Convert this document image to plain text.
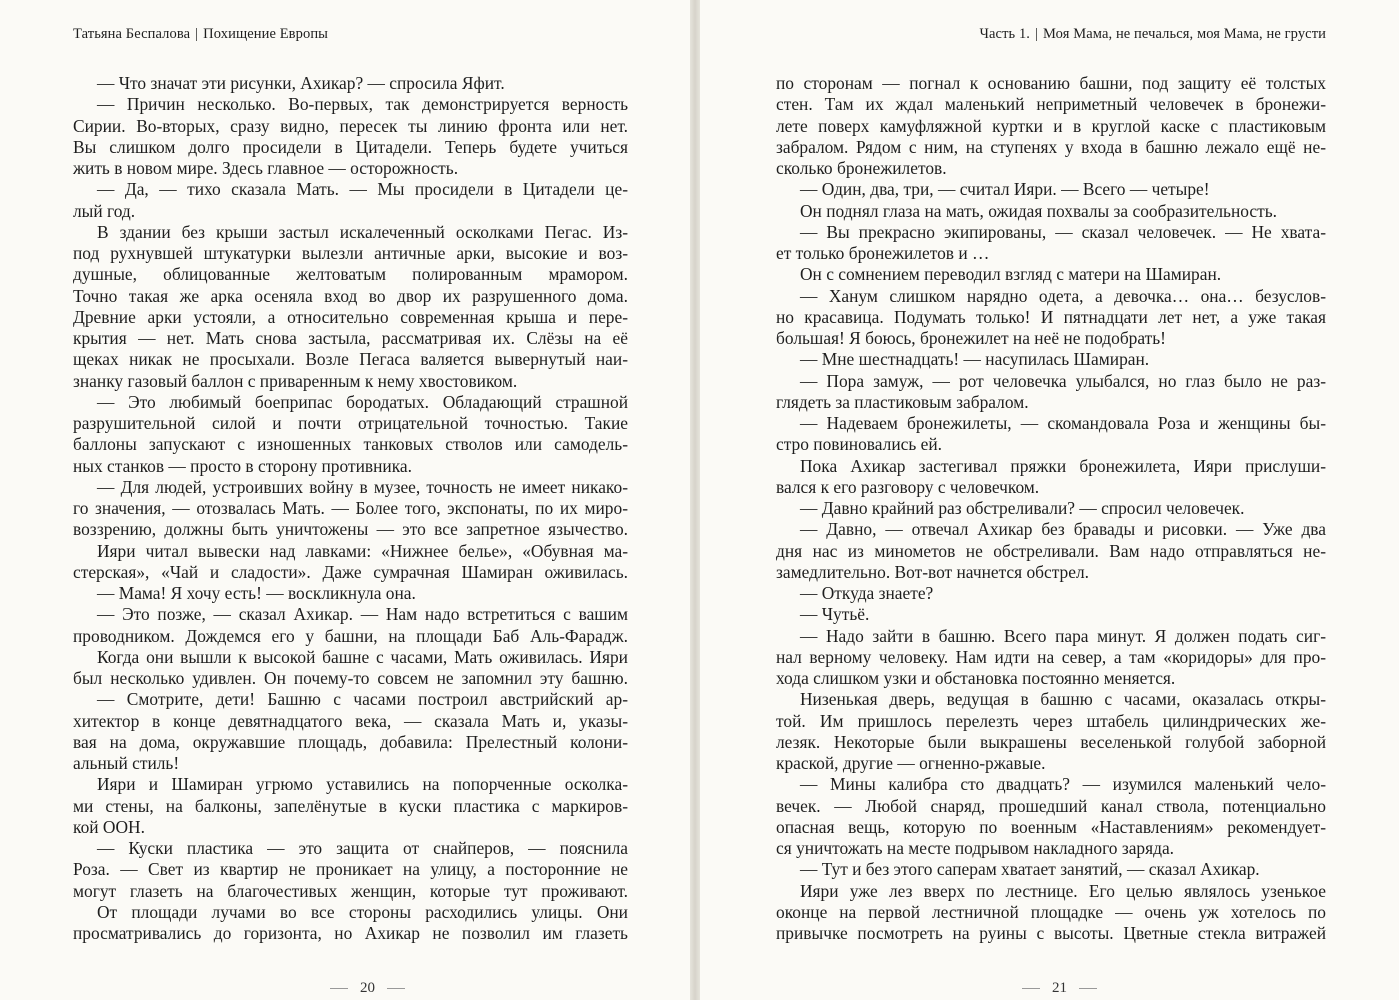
Татьяна Беспалова | Похищение Европы
— Что значат эти рисунки, Ахикар? — спросила Яфит.
— Причин несколько. Во-первых, так демонстрируется верность
Сирии. Во-вторых, сразу видно, пересек ты линию фронта или нет.
Вы слишком долго просидели в Цитадели. Теперь будете учиться
жить в новом мире. Здесь главное — осторожность.
— Да, — тихо сказала Мать. — Мы просидели в Цитадели це-
лый год.
В здании без крыши застыл искалеченный осколками Пегас. Из-
под рухнувшей штукатурки вылезли античные арки, высокие и воз-
душные, облицованные желтоватым полированным мрамором.
Точно такая же арка осеняла вход во двор их разрушенного дома.
Древние арки устояли, а относительно современная крыша и пере-
крытия — нет. Мать снова застыла, рассматривая их. Слёзы на её
щеках никак не просыхали. Возле Пегаса валяется вывернутый наи-
знанку газовый баллон с приваренным к нему хвостовиком.
— Это любимый боеприпас бородатых. Обладающий страшной
разрушительной силой и почти отрицательной точностью. Такие
баллоны запускают с изношенных танковых стволов или самодель-
ных станков — просто в сторону противника.
— Для людей, устроивших войну в музее, точность не имеет никако-
го значения, — отозвалась Мать. — Более того, экспонаты, по их миро-
воззрению, должны быть уничтожены — это все запретное язычество.
Ияри читал вывески над лавками: «Нижнее белье», «Обувная ма-
стерская», «Чай и сладости». Даже сумрачная Шамиран оживилась.
— Мама! Я хочу есть! — воскликнула она.
— Это позже, — сказал Ахикар. — Нам надо встретиться с вашим
проводником. Дождемся его у башни, на площади Баб Аль-Фарадж.
Когда они вышли к высокой башне с часами, Мать оживилась. Ияри
был несколько удивлен. Он почему-то совсем не запомнил эту башню.
— Смотрите, дети! Башню с часами построил австрийский ар-
хитектор в конце девятнадцатого века, — сказала Мать и, указы-
вая на дома, окружавшие площадь, добавила: Прелестный колони-
альный стиль!
Ияри и Шамиран угрюмо уставились на попорченные осколка-
ми стены, на балконы, запелёнутые в куски пластика с маркиров-
кой ООН.
— Куски пластика — это защита от снайперов, — пояснила
Роза. — Свет из квартир не проникает на улицу, а посторонние не
могут глазеть на благочестивых женщин, которые тут проживают.
От площади лучами во все стороны расходились улицы. Они
просматривались до горизонта, но Ахикар не позволил им глазеть
20
Часть 1. | Моя Мама, не печалься, моя Мама, не грусти
по сторонам — погнал к основанию башни, под защиту её толстых
стен. Там их ждал маленький неприметный человечек в бронежи-
лете поверх камуфляжной куртки и в круглой каске с пластиковым
забралом. Рядом с ним, на ступенях у входа в башню лежало ещё не-
сколько бронежилетов.
— Один, два, три, — считал Ияри. — Всего — четыре!
Он поднял глаза на мать, ожидая похвалы за сообразительность.
— Вы прекрасно экипированы, — сказал человечек. — Не хвата-
ет только бронежилетов и …
Он с сомнением переводил взгляд с матери на Шамиран.
— Ханум слишком нарядно одета, а девочка… она… безуслов-
но красавица. Подумать только! И пятнадцати лет нет, а уже такая
большая! Я боюсь, бронежилет на неё не подобрать!
— Мне шестнадцать! — насупилась Шамиран.
— Пора замуж, — рот человечка улыбался, но глаз было не раз-
глядеть за пластиковым забралом.
— Надеваем бронежилеты, — скомандовала Роза и женщины бы-
стро повиновались ей.
Пока Ахикар застегивал пряжки бронежилета, Ияри прислуши-
вался к его разговору с человечком.
— Давно крайний раз обстреливали? — спросил человечек.
— Давно, — отвечал Ахикар без бравады и рисовки. — Уже два
дня нас из минометов не обстреливали. Вам надо отправляться не-
замедлительно. Вот-вот начнется обстрел.
— Откуда знаете?
— Чутьё.
— Надо зайти в башню. Всего пара минут. Я должен подать сиг-
нал верному человеку. Нам идти на север, а там «коридоры» для про-
хода слишком узки и обстановка постоянно меняется.
Низенькая дверь, ведущая в башню с часами, оказалась откры-
той. Им пришлось перелезть через штабель цилиндрических же-
лезяк. Некоторые были выкрашены веселенькой голубой заборной
краской, другие — огненно-ржавые.
— Мины калибра сто двадцать? — изумился маленький чело-
вечек. — Любой снаряд, прошедший канал ствола, потенциально
опасная вещь, которую по военным «Наставлениям» рекомендует-
ся уничтожать на месте подрывом накладного заряда.
— Тут и без этого саперам хватает занятий, — сказал Ахикар.
Ияри уже лез вверх по лестнице. Его целью являлось узенькое
оконце на первой лестничной площадке — очень уж хотелось по
привычке посмотреть на руины с высоты. Цветные стекла витражей
21
